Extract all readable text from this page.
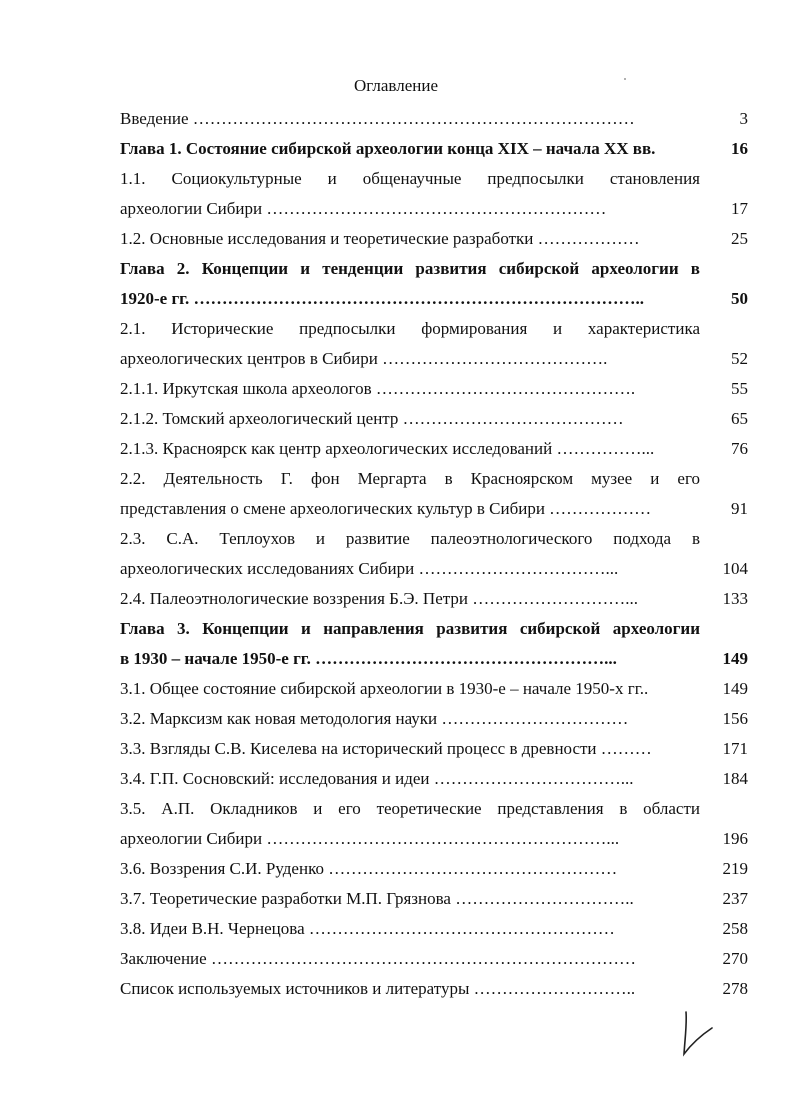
Оглавление
Введение ……………………………………………………………………	3
Глава 1. Состояние сибирской археологии конца XIX – начала XX вв.	16
1.1. Социокультурные и общенаучные предпосылки становления
археологии Сибири ……………………………………………………	17
1.2. Основные исследования и теоретические разработки ………………	25
Глава 2. Концепции и тенденции развития сибирской археологии в
1920-е гг. ……………………………………………………………………..	50
2.1. Исторические предпосылки формирования и характеристика
археологических центров в Сибири ………………………………….	52
2.1.1. Иркутская школа археологов ……………………………………….	55
2.1.2. Томский археологический центр …………………………………	65
2.1.3. Красноярск как центр археологических исследований ……………...	76
2.2. Деятельность Г. фон Мергарта в Красноярском музее и его
представления о смене археологических культур в Сибири ………………	91
2.3. С.А. Теплоухов и развитие палеоэтнологического подхода в
археологических исследованиях Сибири ……………………………...	104
2.4. Палеоэтнологические воззрения Б.Э. Петри ………………………...	133
Глава 3. Концепции и направления развития сибирской археологии
в 1930 – начале 1950-е гг. ……………………………………………...	149
3.1. Общее состояние сибирской археологии в 1930-е – начале 1950-х гг..	149
3.2. Марксизм как новая методология науки ……………………………	156
3.3. Взгляды С.В. Киселева на исторический процесс в древности ………	171
3.4. Г.П. Сосновский: исследования и идеи ……………………………...	184
3.5. А.П. Окладников и его теоретические представления в области
археологии Сибири ……………………………………………………...	196
3.6. Воззрения С.И. Руденко ……………………………………………	219
3.7. Теоретические разработки М.П. Грязнова …………………………..	237
3.8. Идеи В.Н. Чернецова ………………………………………………	258
Заключение …………………………………………………………………	270
Список используемых источников и литературы ………………………..	278
